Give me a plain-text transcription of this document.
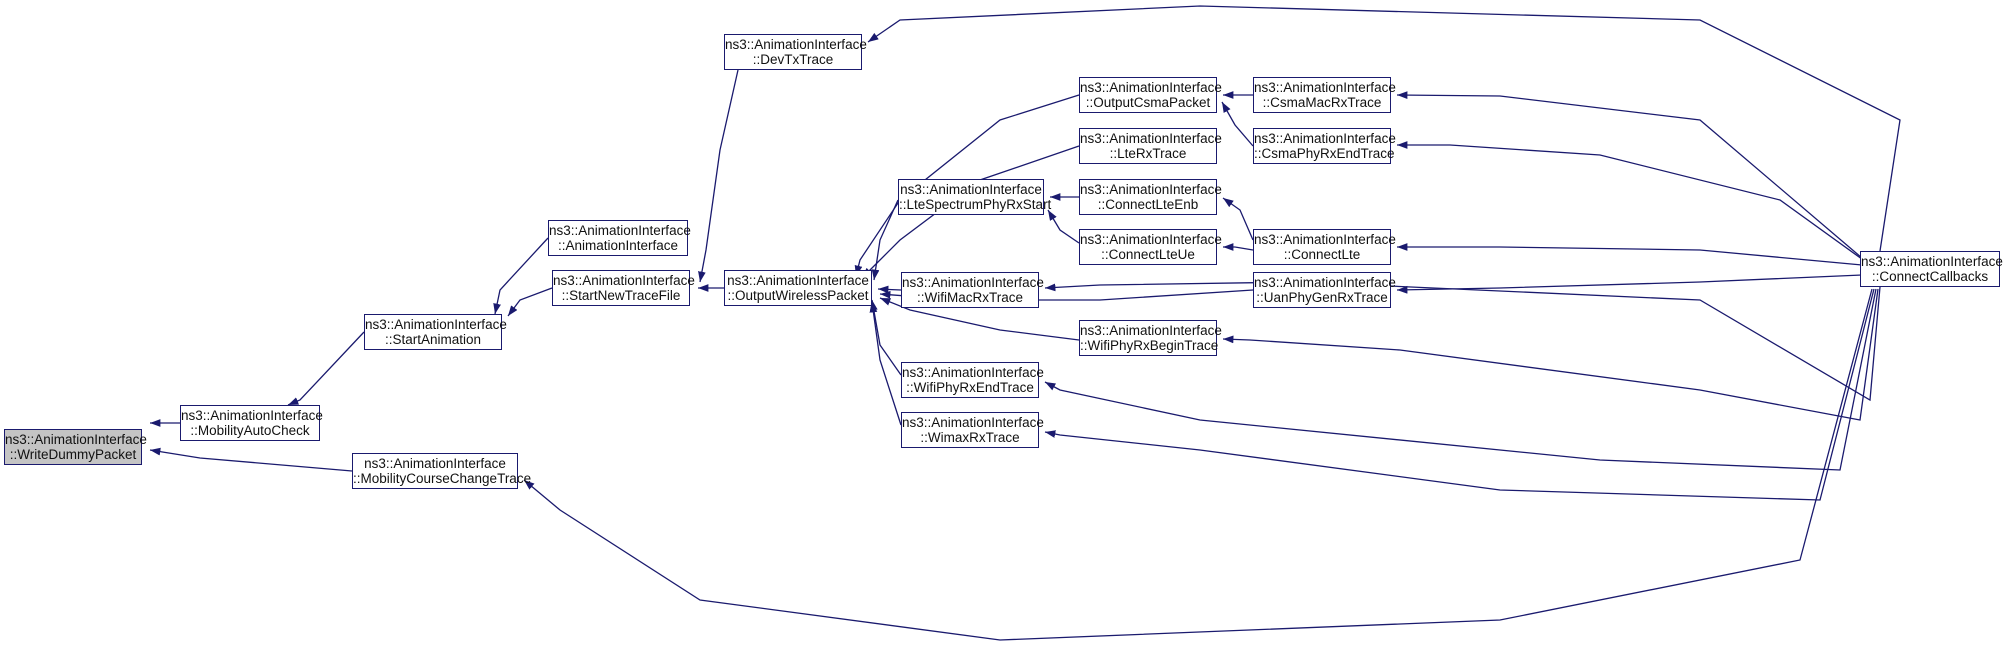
ns3::AnimationInterface
::WriteDummyPacket
ns3::AnimationInterface
::MobilityAutoCheck
ns3::AnimationInterface
::MobilityCourseChangeTrace
ns3::AnimationInterface
::StartAnimation
ns3::AnimationInterface
::StartNewTraceFile
ns3::AnimationInterface
::AnimationInterface
ns3::AnimationInterface
::DevTxTrace
ns3::AnimationInterface
::OutputWirelessPacket
ns3::AnimationInterface
::WifiMacRxTrace
ns3::AnimationInterface
::WifiPhyRxEndTrace
ns3::AnimationInterface
::WimaxRxTrace
ns3::AnimationInterface
::LteSpectrumPhyRxStart
ns3::AnimationInterface
::OutputCsmaPacket
ns3::AnimationInterface
::LteRxTrace
ns3::AnimationInterface
::ConnectLteEnb
ns3::AnimationInterface
::ConnectLteUe
ns3::AnimationInterface
::WifiPhyRxBeginTrace
ns3::AnimationInterface
::CsmaMacRxTrace
ns3::AnimationInterface
::CsmaPhyRxEndTrace
ns3::AnimationInterface
::ConnectLte
ns3::AnimationInterface
::UanPhyGenRxTrace
ns3::AnimationInterface
::ConnectCallbacks
